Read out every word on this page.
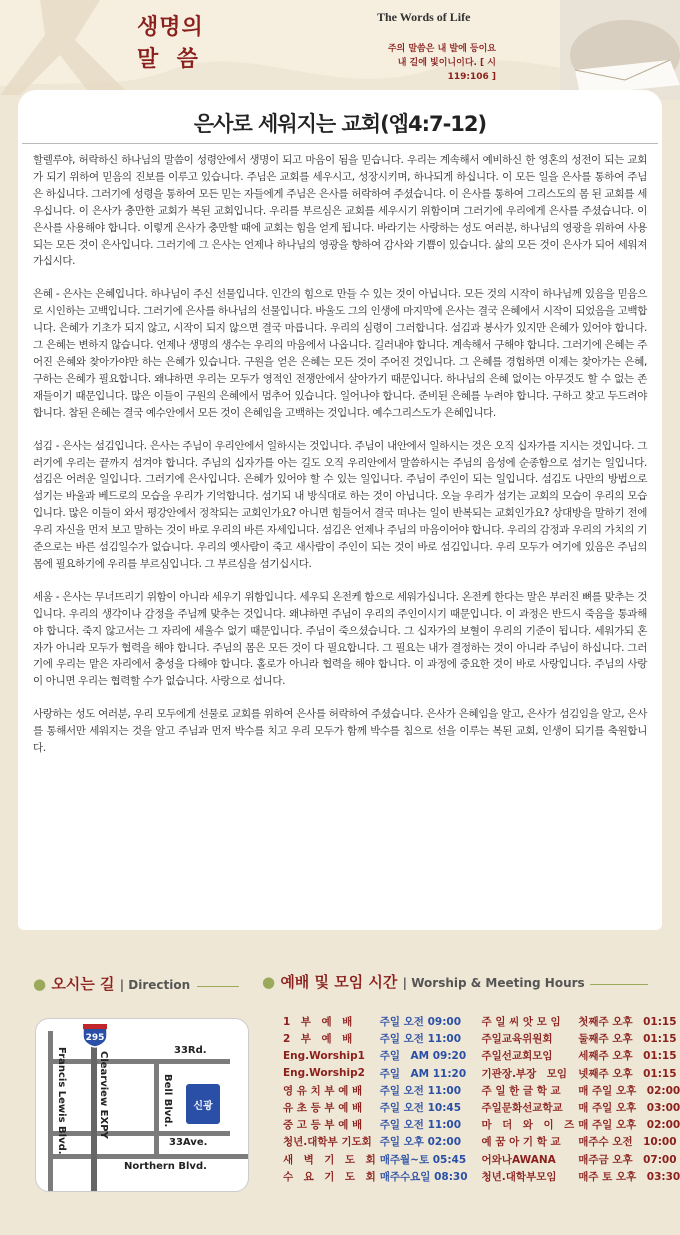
생명의
말  씀
The Words of Life
주의 말씀은 내 발에 등이요
내 길에 빛이니이다. [ 시 119:106 ]
은사로 세워지는 교회(엡4:7-12)

할렐루야, 허락하신 하나님의 말씀이 성령안에서 생명이 되고 마음이 됨을 믿습니다. 우리는 계속해서 예비하신 한 영혼의 성전이 되는 교회가 되기 위하여 믿음의 진보를 이루고 있습니다. 주님은 교회를 세우시고, 성장시키며, 하나되게 하십니다. 이 모든 일을 은사를 통하여 주님은 하십니다. 그러기에 성령을 통하여 모든 믿는 자들에게 주님은 은사를 허락하여 주셨습니다. 이 은사를 통하여 그리스도의 몸 된 교회를 세우십니다. 이 은사가 충만한 교회가 복된 교회입니다. 우리를 부르심은 교회를 세우시기 위함이며 그러기에 우리에게 은사를 주셨습니다. 이 은사를 사용해야 합니다. 이렇게 은사가 충만할 때에 교회는 힘을 얻게 됩니다. 바라기는 사랑하는 성도 여러분, 하나님의 영광을 위하여 사용되는 모든 것이 은사입니다. 그러기에 그 은사는 언제나 하나님의 영광을 향하여 감사와 기쁨이 있습니다. 삶의 모든 것이 은사가 되어 세워져 가십시다.

은혜 - 은사는 은혜입니다. 하나님이 주신 선물입니다. 인간의 힘으로 만들 수 있는 것이 아닙니다. 모든 것의 시작이 하나님께 있음을 믿음으로 시인하는 고백입니다. 그러기에 은사를 하나님의 선물입니다. 바울도 그의 인생에 마지막에 은사는 결국 은혜에서 시작이 되었음을 고백합니다. 은혜가 기초가 되지 않고, 시작이 되지 않으면 결국 마릅니다. 우리의 심령이 그러합니다. 섬김과 봉사가 있지만 은혜가 있어야 합니다. 그 은혜는 변하지 않습니다. 언제나 생명의 생수는 우리의 마음에서 나옵니다. 길러내야 합니다. 계속해서 구해야 합니다. 그러기에 은혜는 주어진 은혜와 찾아가야만 하는 은혜가 있습니다. 구원을 얻은 은혜는 모든 것이 주어진 것입니다. 그 은혜를 경험하면 이제는 찾아가는 은혜, 구하는 은혜가 필요합니다. 왜냐하면 우리는 모두가 영적인 전쟁안에서 살아가기 때문입니다. 하나님의 은혜 없이는 아무것도 할 수 없는 존재들이기 때문입니다. 많은 이들이 구원의 은혜에서 멈추어 있습니다. 일어나야 합니다. 준비된 은혜를 누려야 합니다. 구하고 찾고 두드려야 합니다. 참된 은혜는 결국 예수안에서 모든 것이 은혜임을 고백하는 것입니다. 예수그리스도가 은혜입니다.

섬김 - 은사는 섬김입니다. 은사는 주님이 우리안에서 일하시는 것입니다. 주님이 내안에서 일하시는 것은 오직 십자가를 지시는 것입니다. 그러기에 우리는 끝까지 섬겨야 합니다. 주님의 십자가를 아는 길도 오직 우리안에서 말씀하시는 주님의 음성에 순종함으로 섬기는 일입니다. 섬김은 어려운 일입니다. 그러기에 은사입니다. 은혜가 있어야 할 수 있는 일입니다. 주님이 주인이 되는 일입니다. 섬김도 나만의 방법으로 섬기는 바울과 베드로의 모습을 우리가 기억합니다. 섬기되 내 방식대로 하는 것이 아닙니다. 오늘 우리가 섬기는 교회의 모습이 우리의 모습입니다. 많은 이들이 와서 평강안에서 정착되는 교회인가요? 아니면 힘들어서 결국 떠나는 일이 반복되는 교회인가요? 상대방을 말하기 전에 우리 자신을 먼저 보고 말하는 것이 바로 우리의 바른 자세입니다. 섬김은 언제나 주님의 마음이어야 합니다. 우리의 감정과 우리의 가치의 기준으로는 바른 섬김일수가 없습니다. 우리의 옛사람이 죽고 새사람이 주인이 되는 것이 바로 섬김입니다. 우리 모두가 여기에 있음은 주님의 몸에 필요하기에 우리를 부르심입니다. 그 부르심을 섬기십시다.

세움 - 은사는 무너뜨리기 위함이 아니라 세우기 위함입니다. 세우되 온전케 함으로 세워가십니다. 온전케 한다는 말은 부러진 뼈를 맞추는 것입니다. 우리의 생각이나 감정을 주님께 맞추는 것입니다. 왜냐하면 주님이 우리의 주인이시기 때문입니다. 이 과정은 반드시 죽음을 통과해야 합니다. 죽지 않고서는 그 자리에 세울수 없기 때문입니다. 주님이 죽으셨습니다. 그 십자가의 보혈이 우리의 기준이 됩니다. 세워가되 혼자가 아니라 모두가 협력을 해야 합니다. 주님의 몸은 모든 것이 다 필요합니다. 그 필요는 내가 결정하는 것이 아니라 주님이 하십니다. 그러기에 우리는 맡은 자리에서 충성을 다해야 합니다. 홀로가 아니라 협력을 해야 합니다. 이 과정에 중요한 것이 바로 사랑입니다. 주님의 사랑이 아니면 우리는 협력할 수가 없습니다. 사랑으로 섭니다.

사랑하는 성도 여러분, 우리 모두에게 선물로 교회를 위하여 은사를 허락하여 주셨습니다. 은사가 은혜임을 알고, 은사가 섬김임을 알고, 은사를 통해서만 세워지는 것을 알고 주님과 먼저 박수를 치고 우리 모두가 함께 박수를 침으로 선을 이루는 복된 교회, 인생이 되기를 축원합니다.

● 오시는 길 | Direction
295
33Rd.
Bell Blvd.
Francis Lewis Blvd.	Clearview EXPY
33Ave.
Northern Blvd.
신광
● 예배 및 모임 시간 | Worship & Meeting Hours
1　부　예　배	주일 오전 09:00	주 일 씨 앗 모 임	첫째주 오후　01:15
2　부　예　배	주일 오전 11:00	주일교육위원회	둘째주 오후　01:15
Eng.Worship1	주일　AM 09:20	주일선교회모임	세째주 오후　01:15
Eng.Worship2	주일　AM 11:20	기관장.부장　모임	넷째주 오후　01:15
영 유 치 부 예 배	주일 오전 11:00	주 일 한 글 학 교	매 주일 오후　02:00
유 초 등 부 예 배	주일 오전 10:45	주일문화선교학교	매 주일 오후　03:00
중 고 등 부 예 배	주일 오전 11:00	마　더　와　이　즈	매 주일 오후　02:00
청년.대학부 기도회	주일 오후 02:00	예 꿈 아 기 학 교	매주수 오전　10:00
새　벽　기　도　회	매주월~토 05:45	어와나AWANA	매주금 오후　07:00
수　요　기　도　회	매주수요일 08:30	청년.대학부모임	매주 토 오후　03:30
